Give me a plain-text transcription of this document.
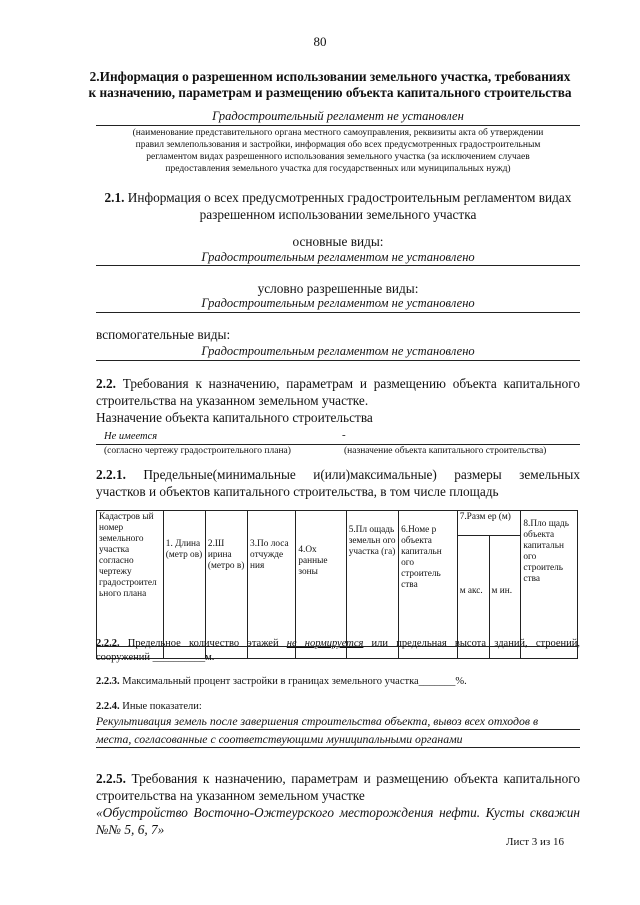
80
2.Информация о разрешенном использовании земельного участка, требованиях
к назначению, параметрам и размещению объекта капитального строительства
Градостроительный регламент не установлен
(наименование представительного органа местного самоуправления, реквизиты акта об утверждении
правил землепользования и застройки, информация обо всех предусмотренных градостроительным
регламентом видах разрешенного использования земельного участка (за исключением случаев
предоставления земельного участка для государственных или муниципальных нужд)
2.1. Информация о всех предусмотренных градостроительным регламентом видах
разрешенном использовании земельного участка
основные виды:
Градостроительным регламентом не установлено
условно разрешенные виды:
Градостроительным регламентом не установлено
вспомогательные виды:
Градостроительным регламентом не установлено
2.2. Требования к назначению, параметрам и размещению объекта капитального
строительства на указанном земельном участке.
Назначение объекта капитального строительства
Не имеется	-
(согласно чертежу градостроительного плана)	(назначение объекта капитального строительства)
2.2.1. Предельные(минимальные и(или)максимальные) размеры земельных
участков и объектов капитального строительства, в том числе площадь
Кадастров ый номер земельного участка согласно чертежу градостроител ьного плана	1. Длина (метр ов)	2.Ш ирина (метро в)	3.По лоса отчужде ния	4.Ох ранные зоны	5.Пл ощадь земельн ого участка (га)	6.Номе р объекта капитальн ого строитель ства	7.Разм ер (м)		8.Пло щадь объекта капитальн ого строитель ства
							м акс.	м ин.	

2.2.2. Предельное количество этажей не нормируется или предельная высота зданий, строений,
сооружений __________м.
2.2.3. Максимальный процент застройки в границах земельного участка_______%.
2.2.4. Иные показатели:
Рекультивация земель после завершения строительства объекта, вывоз всех отходов в
места, согласованные с соответствующими муниципальными органами
2.2.5. Требования к назначению, параметрам и размещению объекта капитального
строительства на указанном земельном участке
«Обустройство Восточно-Ожтеурского месторождения нефти. Кусты скважин
№№ 5, 6, 7»
Лист 3 из 16
